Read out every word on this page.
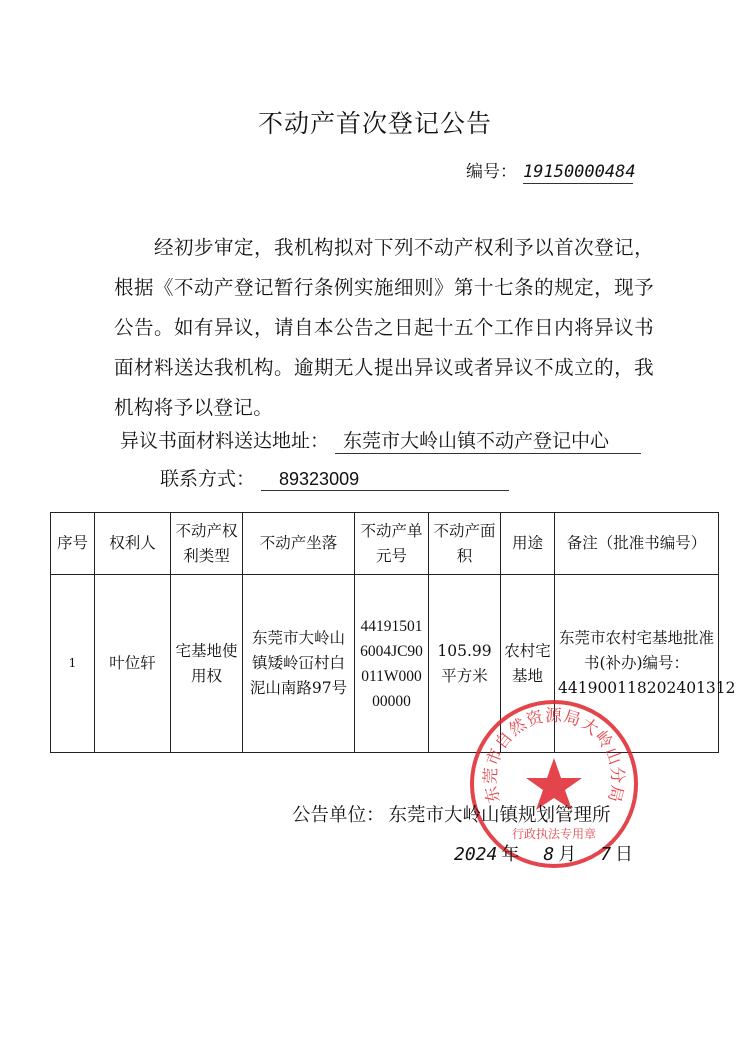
不动产首次登记公告
编号： 19150000484
经初步审定，我机构拟对下列不动产权利予以首次登记，根据《不动产登记暂行条例实施细则》第十七条的规定，现予公告。如有异议，请自本公告之日起十五个工作日内将异议书面材料送达我机构。逾期无人提出异议或者异议不成立的，我机构将予以登记。
异议书面材料送达地址： 东莞市大岭山镇不动产登记中心
联系方式：	89323009
序号	权利人	不动产权利类型	不动产坐落	不动产单元号	不动产面积	用途	备注（批准书编号）
1	叶位轩	宅基地使用权	东莞市大岭山镇矮岭冚村白泥山南路97号	441915016004JC90011W00000000	105.99平方米	农村宅基地	东莞市农村宅基地批准书(补办)编号：441900118202401312
东莞市自然资源局大岭山分局
行政执法专用章
公告单位： 东莞市大岭山镇规划管理所
2024 年 8 月 7 日
